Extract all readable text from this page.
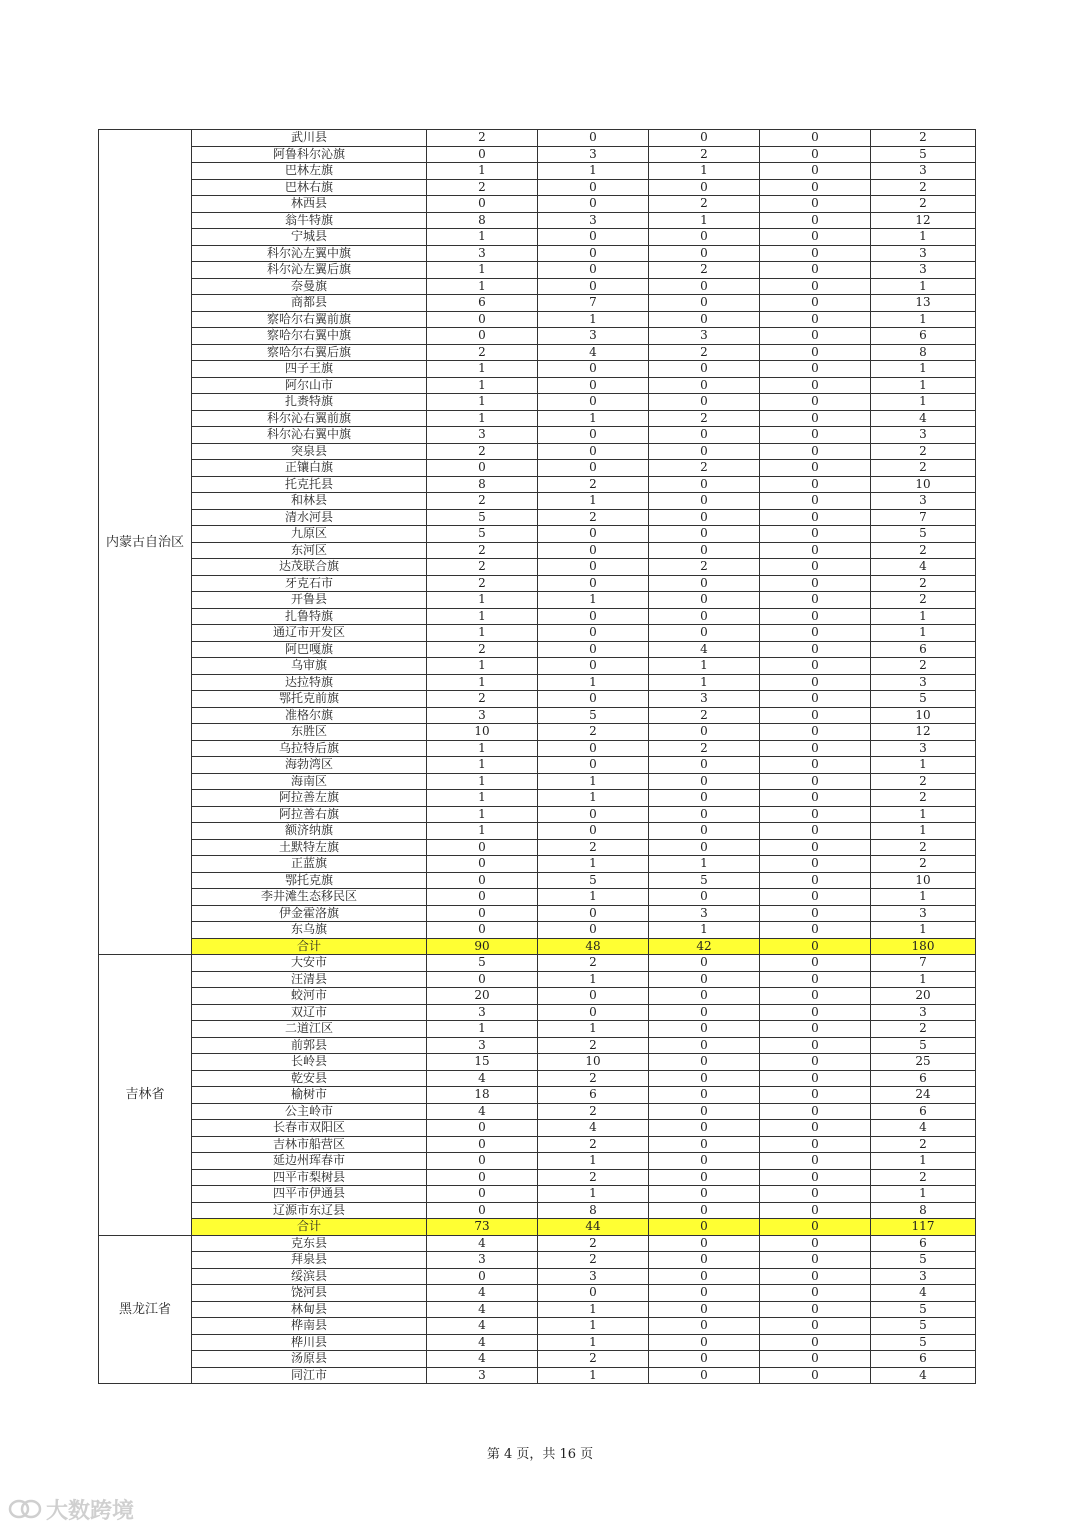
内蒙古自治区	武川县	2	0	0	0	2
	阿鲁科尔沁旗	0	3	2	0	5
	巴林左旗	1	1	1	0	3
	巴林右旗	2	0	0	0	2
	林西县	0	0	2	0	2
	翁牛特旗	8	3	1	0	12
	宁城县	1	0	0	0	1
	科尔沁左翼中旗	3	0	0	0	3
	科尔沁左翼后旗	1	0	2	0	3
	奈曼旗	1	0	0	0	1
	商都县	6	7	0	0	13
	察哈尔右翼前旗	0	1	0	0	1
	察哈尔右翼中旗	0	3	3	0	6
	察哈尔右翼后旗	2	4	2	0	8
	四子王旗	1	0	0	0	1
	阿尔山市	1	0	0	0	1
	扎赉特旗	1	0	0	0	1
	科尔沁右翼前旗	1	1	2	0	4
	科尔沁右翼中旗	3	0	0	0	3
	突泉县	2	0	0	0	2
	正镶白旗	0	0	2	0	2
	托克托县	8	2	0	0	10
	和林县	2	1	0	0	3
	清水河县	5	2	0	0	7
	九原区	5	0	0	0	5
	东河区	2	0	0	0	2
	达茂联合旗	2	0	2	0	4
	牙克石市	2	0	0	0	2
	开鲁县	1	1	0	0	2
	扎鲁特旗	1	0	0	0	1
	通辽市开发区	1	0	0	0	1
	阿巴嘎旗	2	0	4	0	6
	乌审旗	1	0	1	0	2
	达拉特旗	1	1	1	0	3
	鄂托克前旗	2	0	3	0	5
	准格尔旗	3	5	2	0	10
	东胜区	10	2	0	0	12
	乌拉特后旗	1	0	2	0	3
	海勃湾区	1	0	0	0	1
	海南区	1	1	0	0	2
	阿拉善左旗	1	1	0	0	2
	阿拉善右旗	1	0	0	0	1
	额济纳旗	1	0	0	0	1
	土默特左旗	0	2	0	0	2
	正蓝旗	0	1	1	0	2
	鄂托克旗	0	5	5	0	10
	李井滩生态移民区	0	1	0	0	1
	伊金霍洛旗	0	0	3	0	3
	东乌旗	0	0	1	0	1
	合计	90	48	42	0	180
吉林省	大安市	5	2	0	0	7
	汪清县	0	1	0	0	1
	蛟河市	20	0	0	0	20
	双辽市	3	0	0	0	3
	二道江区	1	1	0	0	2
	前郭县	3	2	0	0	5
	长岭县	15	10	0	0	25
	乾安县	4	2	0	0	6
	榆树市	18	6	0	0	24
	公主岭市	4	2	0	0	6
	长春市双阳区	0	4	0	0	4
	吉林市船营区	0	2	0	0	2
	延边州珲春市	0	1	0	0	1
	四平市梨树县	0	2	0	0	2
	四平市伊通县	0	1	0	0	1
	辽源市东辽县	0	8	0	0	8
	合计	73	44	0	0	117
黑龙江省	克东县	4	2	0	0	6
	拜泉县	3	2	0	0	5
	绥滨县	0	3	0	0	3
	饶河县	4	0	0	0	4
	林甸县	4	1	0	0	5
	桦南县	4	1	0	0	5
	桦川县	4	1	0	0	5
	汤原县	4	2	0	0	6
	同江市	3	1	0	0	4
第 4 页，共 16 页
大数跨境
